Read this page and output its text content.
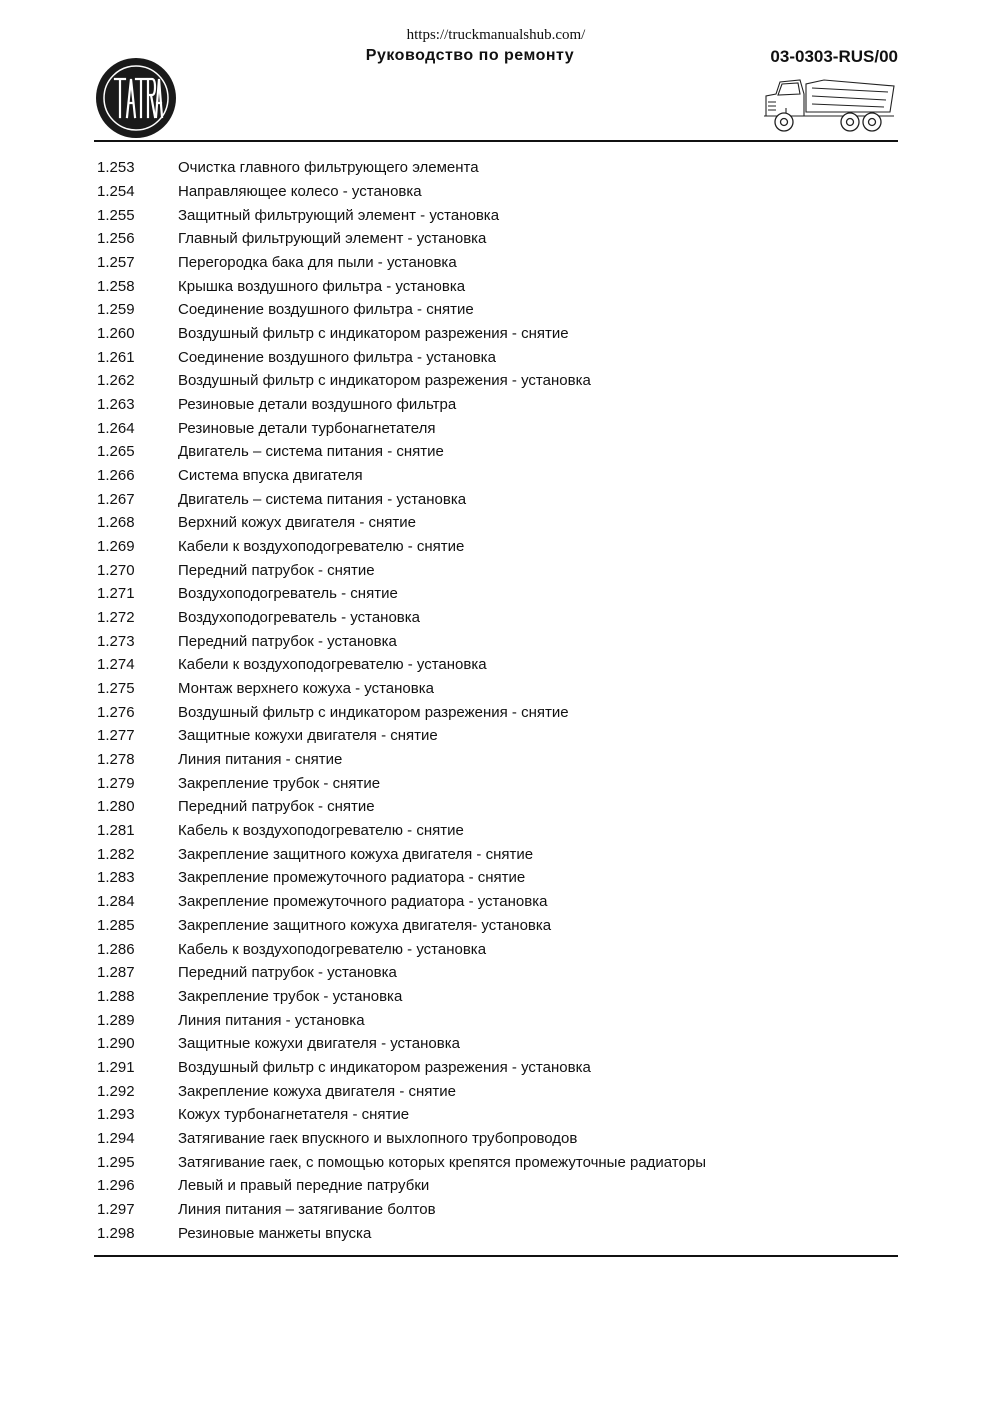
https://truckmanualshub.com/
Руководство по ремонту	03-0303-RUS/00
1.253	Очистка главного фильтрующего элемента
1.254	Направляющее колесо - установка
1.255	Защитный фильтрующий элемент - установка
1.256	Главный фильтрующий элемент - установка
1.257	Перегородка бака для пыли - установка
1.258	Крышка воздушного фильтра - установка
1.259	Соединение воздушного фильтра - снятие
1.260	Воздушный фильтр с индикатором разрежения - снятие
1.261	Соединение воздушного фильтра - установка
1.262	Воздушный фильтр с индикатором разрежения - установка
1.263	Резиновые детали воздушного фильтра
1.264	Резиновые детали турбонагнетателя
1.265	Двигатель – система питания - снятие
1.266	Система впуска двигателя
1.267	Двигатель – система питания - установка
1.268	Верхний кожух двигателя - снятие
1.269	Кабели к воздухоподогревателю - снятие
1.270	Передний патрубок - снятие
1.271	Воздухоподогреватель - снятие
1.272	Воздухоподогреватель - установка
1.273	Передний патрубок - установка
1.274	Кабели к воздухоподогревателю - установка
1.275	Монтаж верхнего кожуха - установка
1.276	Воздушный фильтр с индикатором разрежения - снятие
1.277	Защитные кожухи двигателя - снятие
1.278	Линия питания - снятие
1.279	Закрепление трубок - снятие
1.280	Передний патрубок - снятие
1.281	Кабель к воздухоподогревателю - снятие
1.282	Закрепление защитного кожуха двигателя - снятие
1.283	Закрепление промежуточного радиатора - снятие
1.284	Закрепление промежуточного радиатора - установка
1.285	Закрепление защитного кожуха двигателя- установка
1.286	Кабель к воздухоподогревателю - установка
1.287	Передний патрубок - установка
1.288	Закрепление трубок - установка
1.289	Линия питания - установка
1.290	Защитные кожухи двигателя - установка
1.291	Воздушный фильтр с индикатором разрежения - установка
1.292	Закрепление кожуха двигателя - снятие
1.293	Кожух турбонагнетателя - снятие
1.294	Затягивание гаек впускного и выхлопного трубопроводов
1.295	Затягивание гаек, с помощью которых крепятся промежуточные радиаторы
1.296	Левый и правый передние патрубки
1.297	Линия питания – затягивание болтов
1.298	Резиновые манжеты впуска
